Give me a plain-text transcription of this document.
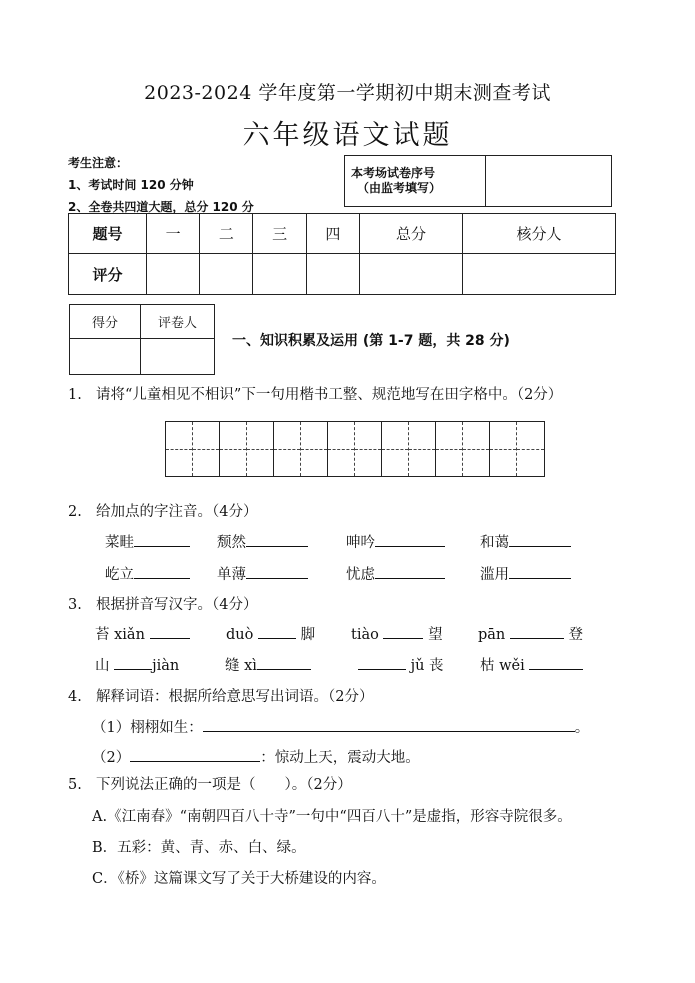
2023-2024 学年度第一学期初中期末测查考试
六年级语文试题
考生注意：
1、考试时间 120 分钟
2、全卷共四道大题，总分 120 分
本考场试卷序号
（由监考填写）

题号	一	二	三	四	总分	核分人
评分						
得分	评卷人

一、知识积累及运用 (第 1-7 题，共 28 分)
1. 请将“儿童相见不相识”下一句用楷书工整、规范地写在田字格中。（2分）
2. 给加点的字注音。（4分）
菜畦	颓然	呻吟	和蔼
屹立	单薄	忧虑	滥用
3. 根据拼音写汉字。（4分）
苔 xiǎn	duò	脚 tiào	望 pān	登
山	jiàn	缝 xì	jǔ 丧	枯 wěi
4. 解释词语：根据所给意思写出词语。（2分）
（1）栩栩如生：	。
（2）	：惊动上天，震动大地。
5. 下列说法正确的一项是（　　）。（2分）
A.《江南春》“南朝四百八十寺”一句中“四百八十”是虚指，形容寺院很多。
B．五彩：黄、青、赤、白、绿。
C．《桥》这篇课文写了关于大桥建设的内容。
